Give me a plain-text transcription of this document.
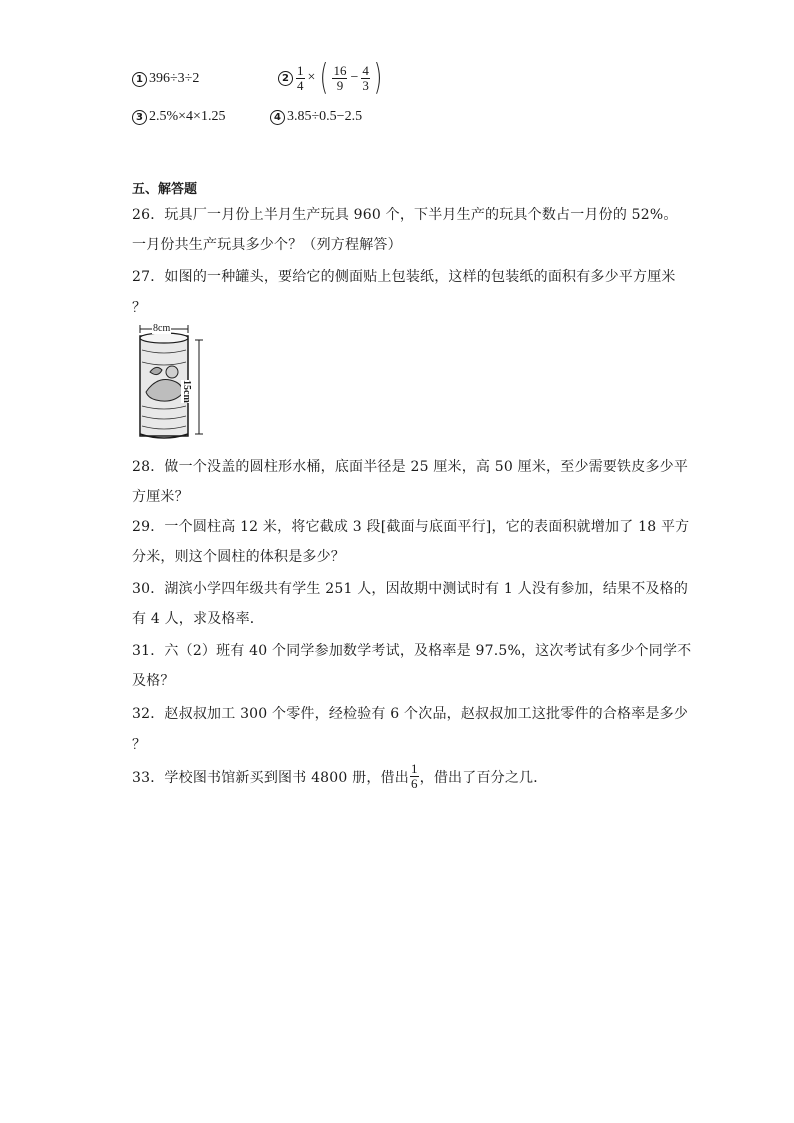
1 396÷3÷2	$2 \frac{1}{4}$ × ( $\frac{16}{9} - \frac{4}{3}$ )
3 2.5%×4×1.25	4 3.85÷0.5−2.5
五、解答题
26．玩具厂一月份上半月生产玩具 960 个，下半月生产的玩具个数占一月份的 52%。
一月份共生产玩具多少个？（列方程解答）
27．如图的一种罐头，要给它的侧面贴上包装纸，这样的包装纸的面积有多少平方厘米
？
8cm
15cm
28．做一个没盖的圆柱形水桶，底面半径是 25 厘米，高 50 厘米，至少需要铁皮多少平
方厘米？
29．一个圆柱高 12 米，将它截成 3 段[截面与底面平行]，它的表面积就增加了 18 平方
分米，则这个圆柱的体积是多少？
30．湖滨小学四年级共有学生 251 人，因故期中测试时有 1 人没有参加，结果不及格的
有 4 人，求及格率．
31．六（2）班有 40 个同学参加数学考试，及格率是 97.5%，这次考试有多少个同学不
及格？
32．赵叔叔加工 300 个零件，经检验有 6 个次品，赵叔叔加工这批零件的合格率是多少
？
33．学校图书馆新买到图书 4800 册，借出 $\frac{1}{6}$ ，借出了百分之几．
